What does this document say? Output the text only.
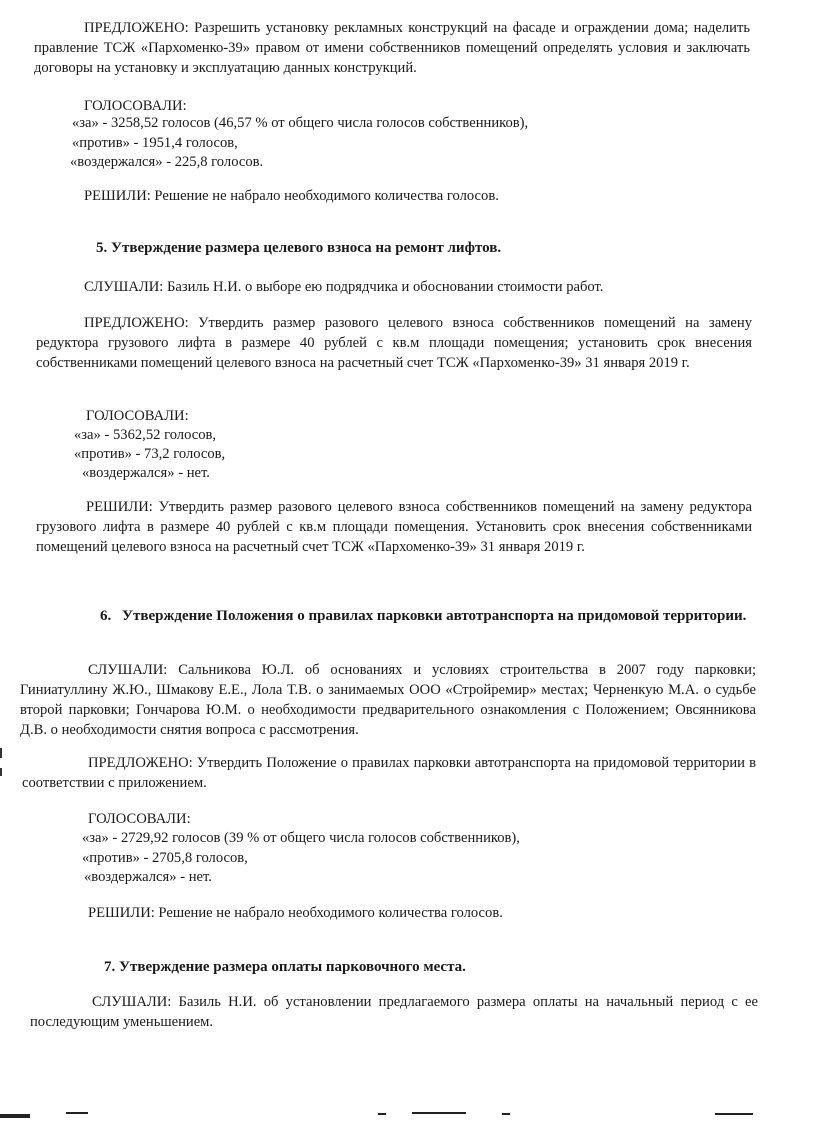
ПРЕДЛОЖЕНО: Разрешить установку рекламных конструкций на фасаде и ограждении дома; наделить правление ТСЖ «Пархоменко-39» правом от имени собственников помещений определять условия и заключать договоры на установку и эксплуатацию данных конструкций.

ГОЛОСОВАЛИ:

«за» - 3258,52 голосов (46,57 % от общего числа голосов собственников),

«против» - 1951,4 голосов,

«воздержался» - 225,8 голосов.

РЕШИЛИ: Решение не набрало необходимого количества голосов.

5. Утверждение размера целевого взноса на ремонт лифтов.

СЛУШАЛИ: Базиль Н.И. о выборе ею подрядчика и обосновании стоимости работ.

ПРЕДЛОЖЕНО: Утвердить размер разового целевого взноса собственников помещений на замену редуктора грузового лифта в размере 40 рублей с кв.м площади помещения; установить срок внесения собственниками помещений целевого взноса на расчетный счет ТСЖ «Пархоменко-39» 31 января 2019 г.

ГОЛОСОВАЛИ:

«за» - 5362,52 голосов,

«против» - 73,2 голосов,

«воздержался» - нет.

РЕШИЛИ: Утвердить размер разового целевого взноса собственников помещений на замену редуктора грузового лифта в размере 40 рублей с кв.м площади помещения. Установить срок внесения собственниками помещений целевого взноса на расчетный счет ТСЖ «Пархоменко-39» 31 января 2019 г.

6. Утверждение Положения о правилах парковки автотранспорта на придомовой территории.

СЛУШАЛИ: Сальникова Ю.Л. об основаниях и условиях строительства в 2007 году парковки; Гиниатуллину Ж.Ю., Шмакову Е.Е., Лола Т.В. о занимаемых ООО «Стройремир» местах; Черненкую М.А. о судьбе второй парковки; Гончарова Ю.М. о необходимости предварительного ознакомления с Положением; Овсянникова Д.В. о необходимости снятия вопроса с рассмотрения.

ПРЕДЛОЖЕНО: Утвердить Положение о правилах парковки автотранспорта на придомовой территории в соответствии с приложением.

ГОЛОСОВАЛИ:

«за» - 2729,92 голосов (39 % от общего числа голосов собственников),

«против» - 2705,8 голосов,

«воздержался» - нет.

РЕШИЛИ: Решение не набрало необходимого количества голосов.

7. Утверждение размера оплаты парковочного места.

СЛУШАЛИ: Базиль Н.И. об установлении предлагаемого размера оплаты на начальный период с ее последующим уменьшением.
